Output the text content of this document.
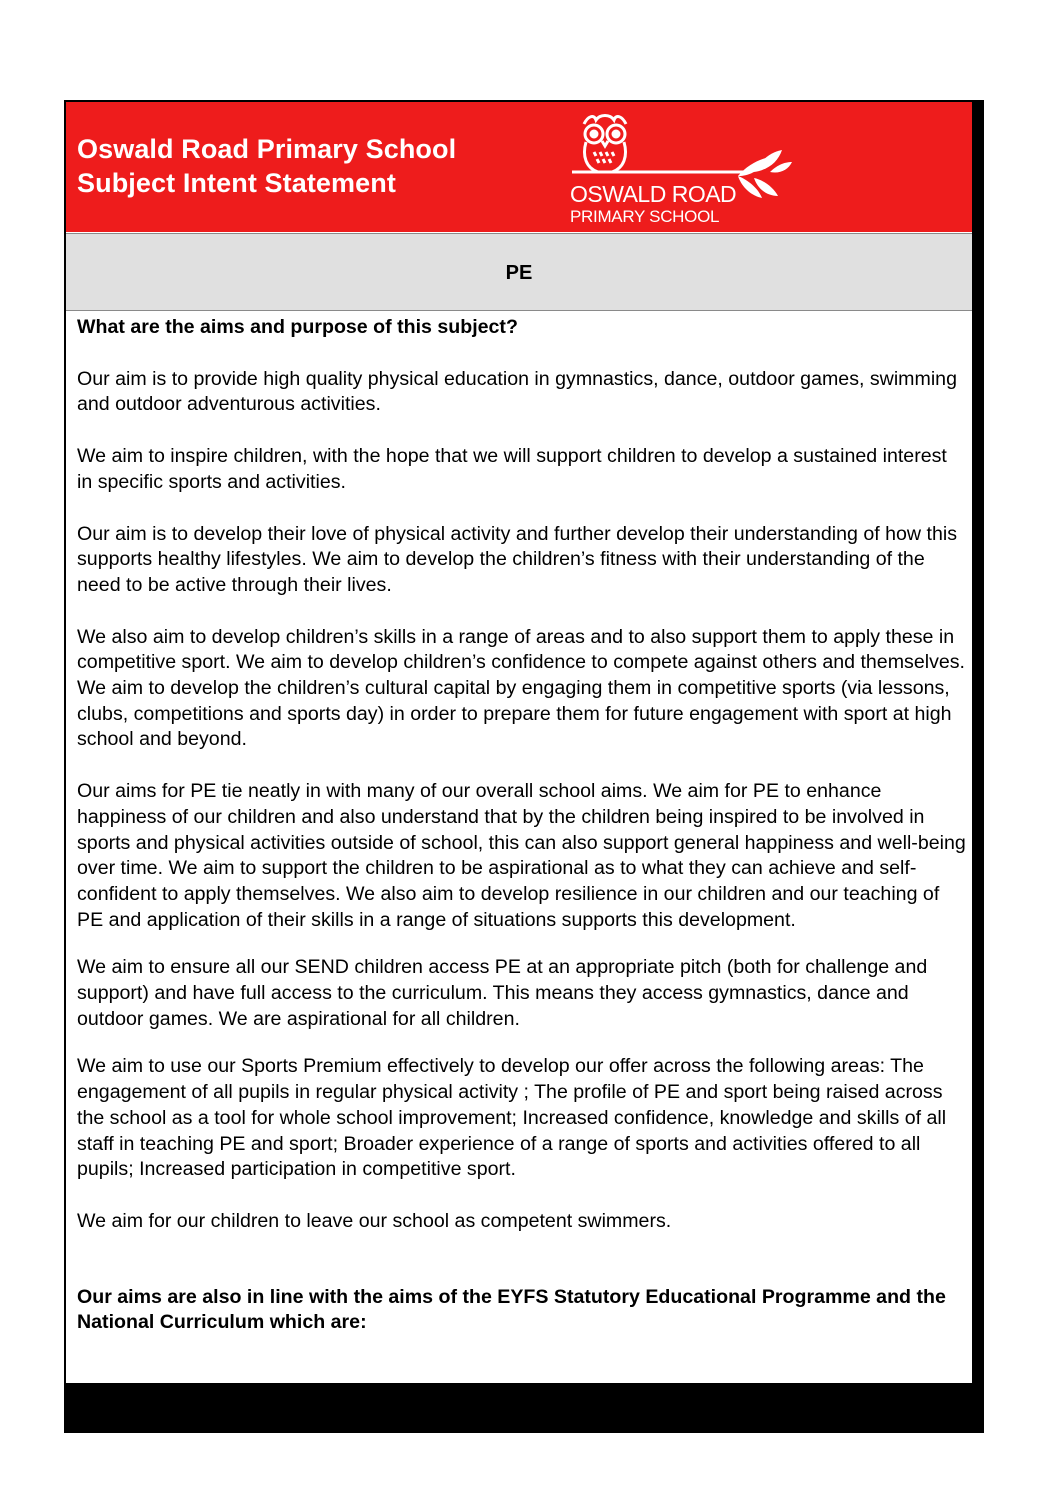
Oswald Road Primary School
Subject Intent Statement	OSWALD ROAD
PRIMARY SCHOOL
PE

What are the aims and purpose of this subject?

Our aim is to provide high quality physical education in gymnastics, dance, outdoor games, swimming and outdoor adventurous activities.

We aim to inspire children, with the hope that we will support children to develop a sustained interest in specific sports and activities.

Our aim is to develop their love of physical activity and further develop their understanding of how this supports healthy lifestyles. We aim to develop the children’s fitness with their understanding of the need to be active through their lives.

We also aim to develop children’s skills in a range of areas and to also support them to apply these in competitive sport. We aim to develop children’s confidence to compete against others and themselves. We aim to develop the children’s cultural capital by engaging them in competitive sports (via lessons, clubs, competitions and sports day) in order to prepare them for future engagement with sport at high school and beyond.

Our aims for PE tie neatly in with many of our overall school aims. We aim for PE to enhance happiness of our children and also understand that by the children being inspired to be involved in sports and physical activities outside of school, this can also support general happiness and well-being over time. We aim to support the children to be aspirational as to what they can achieve and self-confident to apply themselves. We also aim to develop resilience in our children and our teaching of PE and application of their skills in a range of situations supports this development.

We aim to ensure all our SEND children access PE at an appropriate pitch (both for challenge and support) and have full access to the curriculum. This means they access gymnastics, dance and outdoor games. We are aspirational for all children.

We aim to use our Sports Premium effectively to develop our offer across the following areas: The engagement of all pupils in regular physical activity ; The profile of PE and sport being raised across the school as a tool for whole school improvement; Increased confidence, knowledge and skills of all staff in teaching PE and sport; Broader experience of a range of sports and activities offered to all pupils; Increased participation in competitive sport.

We aim for our children to leave our school as competent swimmers.

Our aims are also in line with the aims of the EYFS Statutory Educational Programme and the National Curriculum which are:
